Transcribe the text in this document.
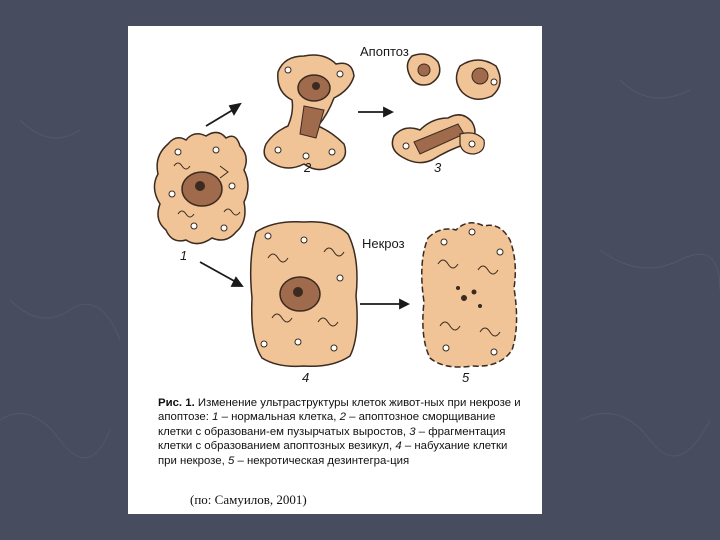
Апоптоз
Некроз
1
2	3
4	5
Рис. 1. Изменение ультраструктуры клеток живот-ных при некрозе и апоптозе: 1 – нормальная клетка, 2 – апоптозное сморщивание клетки с образовани-ем пузырчатых выростов, 3 – фрагментация клетки с образованием апоптозных везикул, 4 – набухание клетки при некрозе, 5 – некротическая дезинтегра-ция
(по: Самуилов, 2001)
